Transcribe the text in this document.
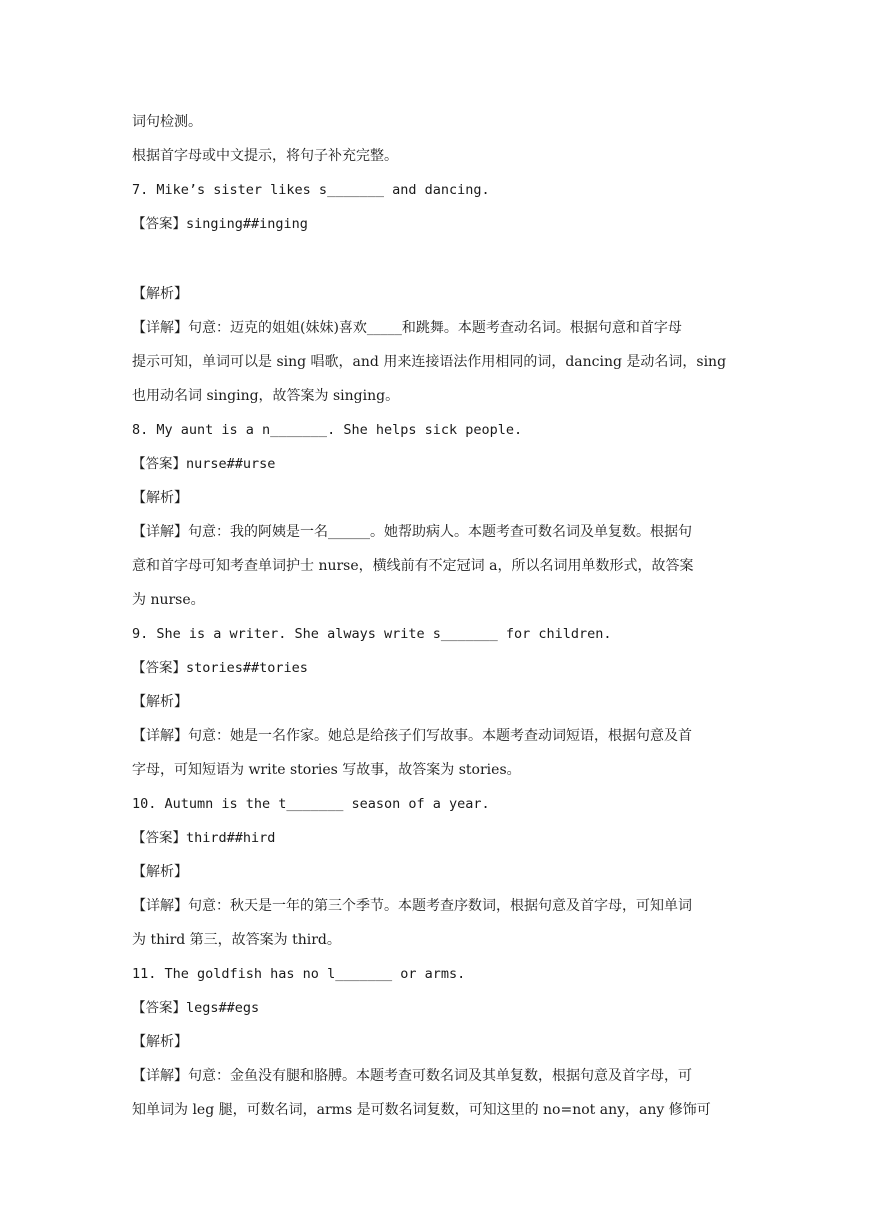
词句检测。
根据首字母或中文提示，将句子补充完整。
7. Mike’s sister likes s_______ and dancing.
【答案】singing##inging
【解析】
【详解】句意：迈克的姐姐(妹妹)喜欢_____和跳舞。本题考查动名词。根据句意和首字母
提示可知，单词可以是 sing 唱歌，and 用来连接语法作用相同的词，dancing 是动名词，sing
也用动名词 singing，故答案为 singing。
8. My aunt is a n_______. She helps sick people.
【答案】nurse##urse
【解析】
【详解】句意：我的阿姨是一名______。她帮助病人。本题考查可数名词及单复数。根据句
意和首字母可知考查单词护士 nurse，横线前有不定冠词 a，所以名词用单数形式，故答案
为 nurse。
9. She is a writer. She always write s_______ for children.
【答案】stories##tories
【解析】
【详解】句意：她是一名作家。她总是给孩子们写故事。本题考查动词短语，根据句意及首
字母，可知短语为 write stories 写故事，故答案为 stories。
10. Autumn is the t_______ season of a year.
【答案】third##hird
【解析】
【详解】句意：秋天是一年的第三个季节。本题考查序数词，根据句意及首字母，可知单词
为 third 第三，故答案为 third。
11. The goldfish has no l_______ or arms.
【答案】legs##egs
【解析】
【详解】句意：金鱼没有腿和胳膊。本题考查可数名词及其单复数，根据句意及首字母，可
知单词为 leg 腿，可数名词，arms 是可数名词复数，可知这里的 no=not any，any 修饰可
